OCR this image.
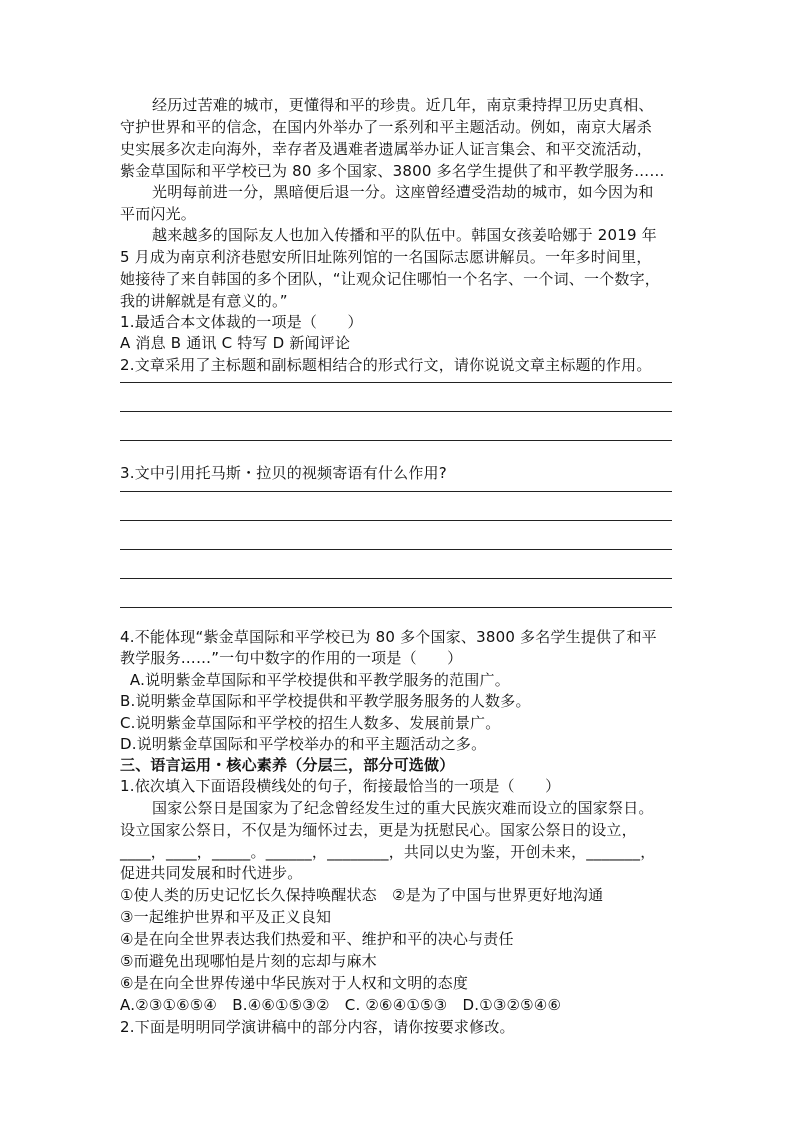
经历过苦难的城市，更懂得和平的珍贵。近几年，南京秉持捍卫历史真相、
守护世界和平的信念，在国内外举办了一系列和平主题活动。例如，南京大屠杀
史实展多次走向海外，幸存者及遇难者遗属举办证人证言集会、和平交流活动，
紫金草国际和平学校已为 80 多个国家、3800 多名学生提供了和平教学服务……
光明每前进一分，黑暗便后退一分。这座曾经遭受浩劫的城市，如今因为和
平而闪光。
越来越多的国际友人也加入传播和平的队伍中。韩国女孩姜哈娜于 2019 年
5 月成为南京利济巷慰安所旧址陈列馆的一名国际志愿讲解员。一年多时间里，
她接待了来自韩国的多个团队，“让观众记住哪怕一个名字、一个词、一个数字，
我的讲解就是有意义的。”
1.最适合本文体裁的一项是（　　）
A 消息 B 通讯 C 特写 D 新闻评论
2.文章采用了主标题和副标题相结合的形式行文，请你说说文章主标题的作用。
3.文中引用托马斯・拉贝的视频寄语有什么作用?
4.不能体现“紫金草国际和平学校已为 80 多个国家、3800 多名学生提供了和平
教学服务……”一句中数字的作用的一项是（　　）
A.说明紫金草国际和平学校提供和平教学服务的范围广。
B.说明紫金草国际和平学校提供和平教学服务服务的人数多。
C.说明紫金草国际和平学校的招生人数多、发展前景广。
D.说明紫金草国际和平学校举办的和平主题活动之多。
三、语言运用・核心素养（分层三，部分可选做）
1.依次填入下面语段横线处的句子，衔接最恰当的一项是（　　）
国家公祭日是国家为了纪念曾经发生过的重大民族灾难而设立的国家祭日。
设立国家公祭日，不仅是为缅怀过去，更是为抚慰民心。国家公祭日的设立，
____，____，_____。______，________，共同以史为鉴，开创未来，_______，
促进共同发展和时代进步。
①使人类的历史记忆长久保持唤醒状态　②是为了中国与世界更好地沟通
③一起维护世界和平及正义良知
④是在向全世界表达我们热爱和平、维护和平的决心与责任
⑤而避免出现哪怕是片刻的忘却与麻木
⑥是在向全世界传递中华民族对于人权和文明的态度
A.②③①⑥⑤④　B.④⑥①⑤③②　C. ②⑥④①⑤③　D.①③②⑤④⑥
2.下面是明明同学演讲稿中的部分内容，请你按要求修改。
